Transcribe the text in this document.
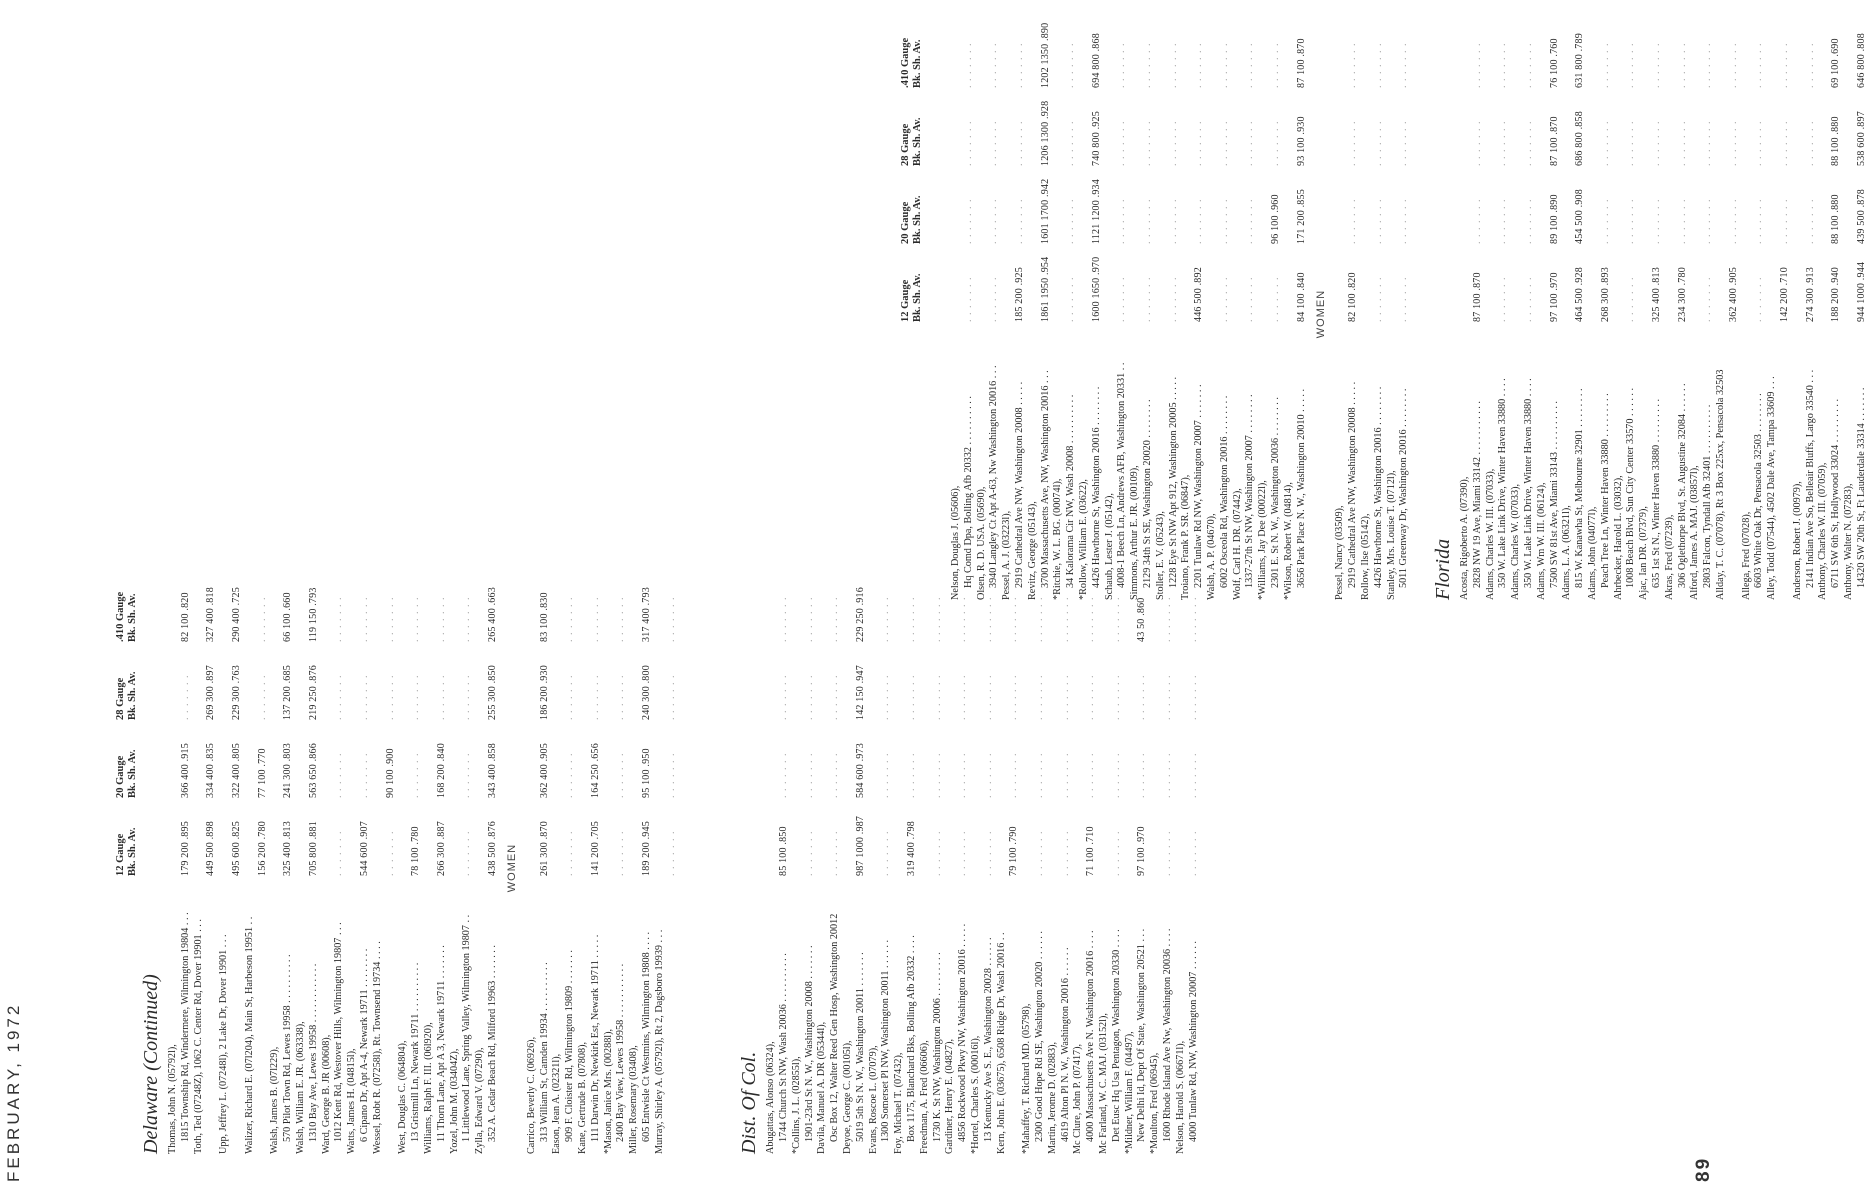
FEBRUARY, 1972
12 Gauge Bk. Sh. Av.
20 Gauge Bk. Sh. Av.
28 Gauge Bk. Sh. Av.
.410 Gauge Bk. Sh. Av.
Delaware (Continued) Thomas, John N. (05792l), 1815 Township Rd, Windermere, Wilmington 19804 . . .
179 200 .895
366 400 .915
. . . . . . .
82 100 .820
Toth, Ted (07248Z), 1062 C. Center Rd, Dover 19901 . . .
449 500 .898
334 400 .835
269 300 .897
327 400 .818
Upp, Jeffrey L. (07248l), 2 Lake Dr, Dover 19901 . . .
495 600 .825
322 400 .805
229 300 .763
290 400 .725
Walizer, Richard E. (07l204), Main St, Harbeson 19951 . .
156 200 .780
77 100 .770
. . . . . . .
. . . . . . .
Walsh, James B. (07l229), 570 Pilot Town Rd, Lewes 19958 . . . . . . . . . .
325 400 .813
241 300 .803
137 200 .685
66 100 .660
Walsh, William E. JR. (063338), 1310 Bay Ave, Lewes 19958 . . . . . . . . . . . .
705 800 .881
563 650 .866
219 250 .876
119 150 .793
Ward, George B. JR (00608), 1012 Kent Rd, Westover Hills, Wilmington 19807 . . .
. . . . . . .
. . . . . . .
. . . . . . .
. . . . . . .
Watts, James H. (04815l), 6 Cipano Dr, Apt A-4, Newark 19711 . . . . . . . .
544 600 .907
. . . . . . .
. . . . . . .
. . . . . . .
Wessel, Robt R. (07258l), Rt. Townsend 19734 . . . .
. . . . . . .
90 100 .900
. . . . . . .
. . . . . . .
West, Douglas C. (064804), 13 Gristmill Ln, Newark 19711 . . . . . . . . . .
78 100 .780
. . . . . . .
. . . . . . .
. . . . . . .
Williams, Ralph F. III. (06l920), 11 Thorn Lane, Apt A 3, Newark 19711 . . . . . . .
266 300 .887
168 200 .840
. . . . . . .
. . . . . . .
Yozel, John M. (03404Z), 1 Littlewood Lane, Spring Valley, Wilmington 19807 . .
. . . . . . .
. . . . . . .
. . . . . . .
. . . . . . .
Zylla, Edward V. (07290), 352 A. Cedar Beach Rd, Milford 19963 . . . . . . .
438 500 .876
343 400 .858
255 300 .850
265 400 .663
WOMEN
Carrico, Beverly C. (06926), 313 William St, Camden 19934 . . . . . . . . . .
261 300 .870
362 400 .905
186 200 .930
83 100 .830
Eason, Jean A. (02321l), 909 F. Cloister Rd, Wilmington 19809 . . . . . . .
. . . . . . .
. . . . . . .
. . . . . . .
. . . . . . .
Kane, Gertrude B. (07808), 111 Darwin Dr, Newkirk Est, Newark 19711 . . . . .
141 200 .705
164 250 .656
. . . . . . .
. . . . . . .
*Mason, Janice Mrs. (00288l), 2400 Bay View, Lewes 19958 . . . . . . . . . . .
. . . . . . .
. . . . . . .
. . . . . . .
. . . . . . .
Miller, Rosemary (03408), 605 Entwisle Ct Westmins, Wilmington 19808 . . . .
189 200 .945
95 100 .950
240 300 .800
317 400 .793
Murray, Shirley A. (05792l), Rt 2, Dagsboro 19939 . . .
. . . . . . .
. . . . . . .
. . . . . . .
. . . . . . .
Dist. Of Col. Abugattas, Alonso (06324), 1744 Church St NW, Wash 20036 . . . . . . . . . .
85 100 .850
. . . . . . .
. . . . . . .
. . . . . . .
*Collins, J. L. (02855l), 1901-23rd St N. W., Washington 20008 . . . . . . .
. . . . . . .
. . . . . . .
. . . . . . .
. . . . . . .
Davila, Manuel A. DR (05344l), Osc Box 12, Walter Reed Gen Hosp, Washington 20012
. . . . . . .
. . . . . . .
. . . . . . .
. . . . . . .
Deyoe, George C. (00105l), 5019 5th St N. W., Washington 20011 . . . . . . .
987 1000 .987
584 600 .973
142 150 .947
229 250 .916
Evans, Roscoe L. (07079), 1300 Somerset Pl NW, Washington 20011 . . . . . .
. . . . . . .
. . . . . . .
. . . . . . .
. . . . . . .
Foy, Michael T. (07432), Box 1175, Blanchard Bks, Bolling Afb 20332 . . . .
319 400 .798
. . . . . . .
. . . . . . .
. . . . . . .
Freedman, A. Fred (06606), 1730 K. St NW, Washington 20006 . . . . . . . . .
. . . . . . .
. . . . . . .
. . . . . . .
. . . . . . .
Gardiner, Henry E. (04827), 4856 Rockwood Pkwy NW, Washington 20016 . . . . .
. . . . . . .
. . . . . . .
. . . . . . .
. . . . . . .
*Hortel, Charles S. (00016l), 13 Kentucky Ave S. E., Washington 20028 . . . . . .
. . . . . . .
. . . . . . .
. . . . . . .
. . . . . . .
Kern, John E. (03675), 6508 Ridge Dr, Wash 20016 . .
79 100 .790
. . . . . . .
. . . . . . .
. . . . . . .
*Mahaffey, T. Richard MD. (05798), 2300 Good Hope Rd SE, Washington 20020 . . . . . .
. . . . . . .
. . . . . . .
. . . . . . .
. . . . . . .
Martin, Jerome D. (02883), 4619 Alton Pl N. W., Washington 20016 . . . . . .
. . . . . . .
. . . . . . .
. . . . . . .
. . . . . . .
Mc Clure, John P. (07417), 4000 Massachusetts Ave N. Washington 20016 . . . .
71 100 .710
. . . . . . .
. . . . . . .
. . . . . . .
Mc Farland, W. C. MAJ. (03152l), Det Eusc Hq Usa Pentagon, Washington 20330 . . . .
. . . . . . .
. . . . . . .
. . . . . . .
. . . . . . .
*Mildner, William F. (04497), New Delhi Id, Dept Of State, Washington 20521 . . .
97 100 .970
. . . . . . .
. . . . . . .
43 50 .860
*Moulton, Fred (06945), 1600 Rhode Island Ave Nw, Washington 20036 . . . .
. . . . . . .
. . . . . . .
. . . . . . .
. . . . . . .
Nelson, Harold S. (06671l), 4000 Tunlaw Rd, NW, Washington 20007 . . . . . .
. . . . . . .
. . . . . . .
. . . . . . .
. . . . . . .
12 Gauge Bk. Sh. Av.
20 Gauge Bk. Sh. Av.
28 Gauge Bk. Sh. Av.
.410 Gauge Bk. Sh. Av.
Nelson, Douglas J. (05606), Hq Comd Dpa, Bolling Afb 20332 . . . . . . . . . .
. . . . . . .
. . . . . . .
. . . . . . .
. . . . . . .
Olsen, R. D. USA. (05690), 3940 Langley Ct Apt A-63, Nw Washington 20016 . . .
. . . . . . .
. . . . . . .
. . . . . . .
. . . . . . .
Pessel, A. J. (03223l), 2919 Cathedral Ave NW, Washington 20008 . . . . .
185 200 .925
. . . . . . .
. . . . . . .
. . . . . . .
Revitz, George (05143), 3700 Massachusetts Ave, NW, Washington 20016 . . .
1861 1950 .954
1601 1700 .942
1206 1300 .928
1202 1350 .890
*Ritchie, W. L. BG. (00074l), 34 Kalorama Cir NW, Wash 20008 . . . . . . . . . .
. . . . . . .
. . . . . . .
. . . . . . .
. . . . . . .
*Rollow, William E. (03622), 4426 Hawthorne St, Washington 20016 . . . . . . . .
1600 1650 .970
1121 1200 .934
740 800 .925
694 800 .868
Schaub, Lester J. (05142), 4008-1 Beech Ln, Andrews AFB, Washington 20331 . .
. . . . . . .
. . . . . . .
. . . . . . .
. . . . . . .
Simmons, Arthur E. JR. (00109), 2129 34th St SE, Washington 20020 . . . . . . . .
. . . . . . .
. . . . . . .
. . . . . . .
. . . . . . .
Stoller, E. V. (05243), 1228 Eye St NW Apt 912, Washington 20005 . . . . .
. . . . . . .
. . . . . . .
. . . . . . .
. . . . . . .
Troiano, Frank P. SR. (06847), 2201 Tunlaw Rd NW, Washington 20007 . . . . . . .
446 500 .892
. . . . . . .
. . . . . . .
. . . . . . .
Walsh, A. P. (04670), 6002 Osceola Rd, Washington 20016 . . . . . . . .
. . . . . . .
. . . . . . .
. . . . . . .
. . . . . . .
Wolf, Carl H. DR. (07442), 1337-27th St NW, Washington 20007 . . . . . . . .
. . . . . . .
. . . . . . .
. . . . . . .
. . . . . . .
*Williams, Jay Dee (00022l), 2301 E. St N. W., Washington 20036 . . . . . . . .
. . . . . . .
96 100 .960
. . . . . . .
. . . . . . .
*Wilson, Robert W. (04814), 3656 Park Place N. W., Washington 20010 . . . . .
84 100 .840
171 200 .855
93 100 .930
87 100 .870
WOMEN
Pessel, Nancy (03509), 2919 Cathedral Ave NW, Washington 20008 . . . . .
82 100 .820
. . . . . . .
. . . . . . .
. . . . . . .
Rollow, Ilse (05142), 4426 Hawthorne St, Washington 20016 . . . . . . . .
. . . . . . .
. . . . . . .
. . . . . . .
. . . . . . .
Stanley, Mrs. Louise T. (0712l), 5011 Greenway Dr, Washington 20016 . . . . . . . .
. . . . . . .
. . . . . . .
. . . . . . .
. . . . . . .
Florida Acosta, Rigoberto A. (07390), 2828 NW 19 Ave, Miami 33142 . . . . . . . . . . .
87 100 .870
. . . . . . .
. . . . . . .
. . . . . . .
Adams, Charles W. III. (07033), 350 W. Lake Link Drive, Winter Haven 33880 . . . .
. . . . . . .
. . . . . . .
. . . . . . .
. . . . . . .
Adams, Charles W. (07033), 350 W. Lake Link Drive, Winter Haven 33880 . . . .
. . . . . . .
. . . . . . .
. . . . . . .
. . . . . . .
Adams, Wm W. III. (06124), 7500 SW 81st Ave, Miami 33143 . . . . . . . . . .
97 100 .970
89 100 .890
87 100 .870
76 100 .760
Adams, L. A. (06321l), 815 W. Kanawha St, Melbourne 32901 . . . . . . . .
464 500 .928
454 500 .908
686 800 .858
631 800 .789
Adams, John (04077l), Peach Tree Ln, Winter Haven 33880 . . . . . . . . .
268 300 .893
. . . . . . .
. . . . . . .
. . . . . . .
Ahrbecker, Harold L. (03032), 1008 Beach Blvd, Sun City Center 33570 . . . . . .
. . . . . . .
. . . . . . .
. . . . . . .
. . . . . . .
Ajac, Ian DR. (07379), 635 1st St N., Winter Haven 33880 . . . . . . . . .
325 400 .813
. . . . . . .
. . . . . . .
. . . . . . .
Akras, Fred (07239), 306 Oglethorpe Blvd, St. Augustine 32084 . . . . . .
234 300 .780
. . . . . . .
. . . . . . .
. . . . . . .
Alford, James A. MAJ. (03857l), 2803 Falcon, Tyndall Afb 32401 . . . . . . . . . .
. . . . . . .
. . . . . . .
. . . . . . .
. . . . . . .
Allday, T. C. (07078), Rt 3 Box 225xx, Pensacola 32503
362 400 .905
. . . . . . .
. . . . . . .
. . . . . . .
Allega, Fred (07028), 6603 White Oak Dr, Pensacola 32503 . . . . . . . .
. . . . . . .
. . . . . . .
. . . . . . .
. . . . . . .
Alley, Todd (07544), 4502 Dale Ave, Tampa 33609 . . .
142 200 .710
. . . . . . .
. . . . . . .
. . . . . . .
Anderson, Robert J. (00979), 2141 Indian Ave So, Belleair Bluffs, Largo 33540 . . .
274 300 .913
. . . . . . .
. . . . . . .
. . . . . . .
Anthony, Charles W. III. (07059), 6711 SW 6th St, Hollywood 33024 . . . . . . . . .
188 200 .940
88 100 .880
88 100 .880
69 100 .690
Anthony, Walter N. (07283), 14320 SW 20th St, Ft Lauderdale 33314 . . . . . . .
944 1000 .944
439 500 .878
538 600 .897
646 800 .808
89
